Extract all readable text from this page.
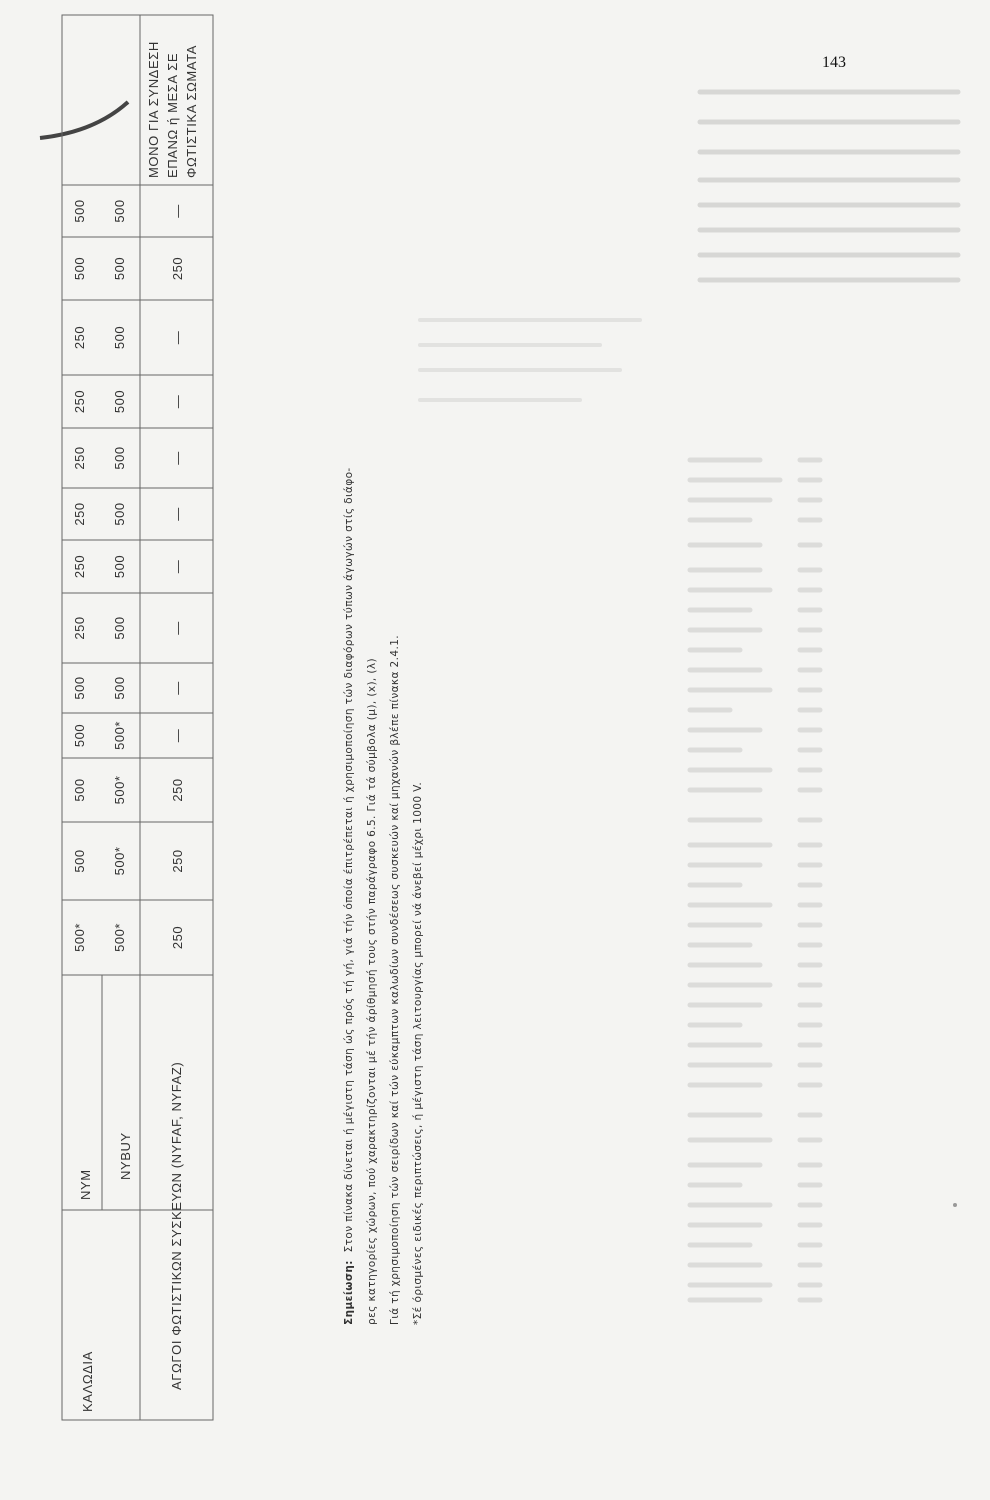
143
ΚΑΛΩΔΙΑ
NYM
NYBUY	ΑΓΩΓΟΙ ΦΩΤΙΣΤΙΚΩΝ ΣΥΣΚΕΥΩΝ (NYFAF, NYFAZ)
500*
500
500
500
500
250
250
250
250
250
250
500
500
500*
500*
500*
500*
500
500
500
500
500
500
500
500
500
250
250
250
—
—
—
—
—
—
—
—
250
—
ΜΟΝΟ ΓΙΑ ΣΥΝΔΕΣΗ ΕΠΑΝΩ ή ΜΕΣΑ ΣΕ ΦΩΤΙΣΤΙΚΑ ΣΩΜΑΤΑ
Σημείωση: Στον πίνακα δίνεται ή μέγιστη τάση ώς πρός τή γή, γιά τήν όποία έπιτρέπεται ή χρησιμοποίηση τών διαφόρων τύπων άγωγών στίς διάφο- ρες κατηγορίες χώρων, πού χαρακτηρίζονται μέ τήν άρίθμησή τους στήν παράγραφο 6.5. Γιά τά σύμβολα (μ), (x), (λ) Γιά τή χρησιμοποίηση τών σειρίδων καί τών εύκαμπτων καλωδίων συνδέσεως συσκευών καί μηχανών βλέπε πίνακα 2.4.1. *Σέ όρισμένες ειδικές περιπτώσεις, ή μέγιστη τάση λειτουργίας μπορεί νά άνεβεί μέχρι 1000 V.
